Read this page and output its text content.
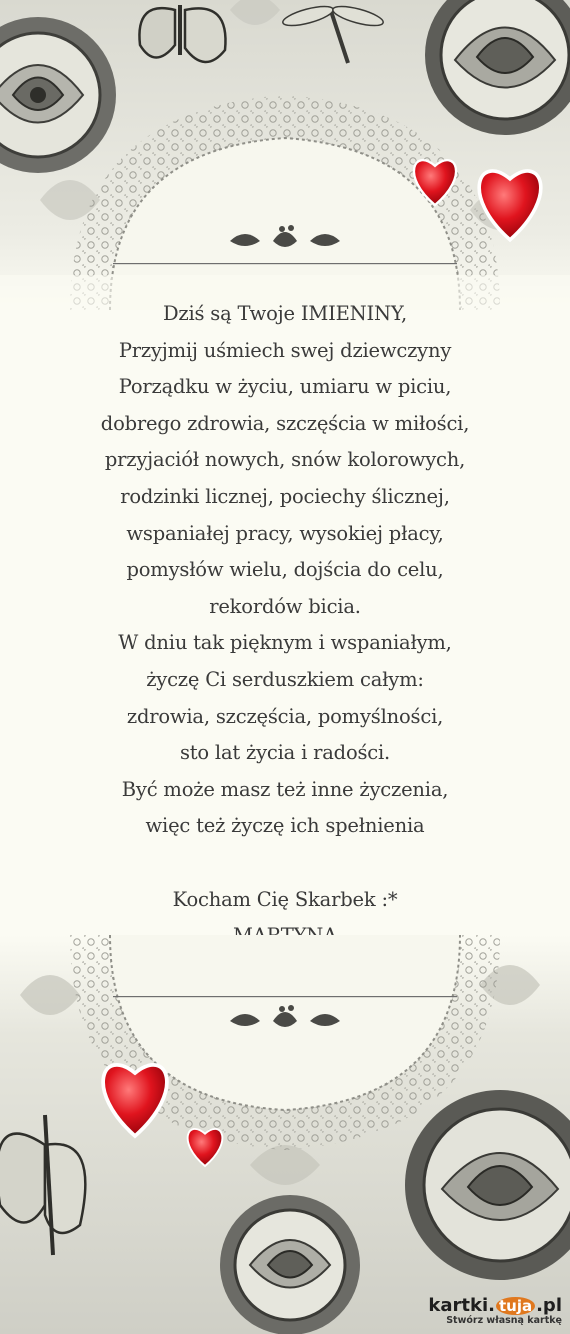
Dziś są Twoje IMIENINY,
Przyjmij uśmiech swej dziewczyny
Porządku w życiu, umiaru w piciu,
dobrego zdrowia, szczęścia w miłości,
przyjaciół nowych, snów kolorowych,
rodzinki licznej, pociechy ślicznej,
wspaniałej pracy, wysokiej płacy,
pomysłów wielu, dojścia do celu,
rekordów bicia.
W dniu tak pięknym i wspaniałym,
życzę Ci serduszkiem całym:
zdrowia, szczęścia, pomyślności,
sto lat życia i radości.
Być może masz też inne życzenia,
więc też życzę ich spełnienia
Kocham Cię Skarbek :*
kartki. tuja .pl
Stwórz własną kartkę
